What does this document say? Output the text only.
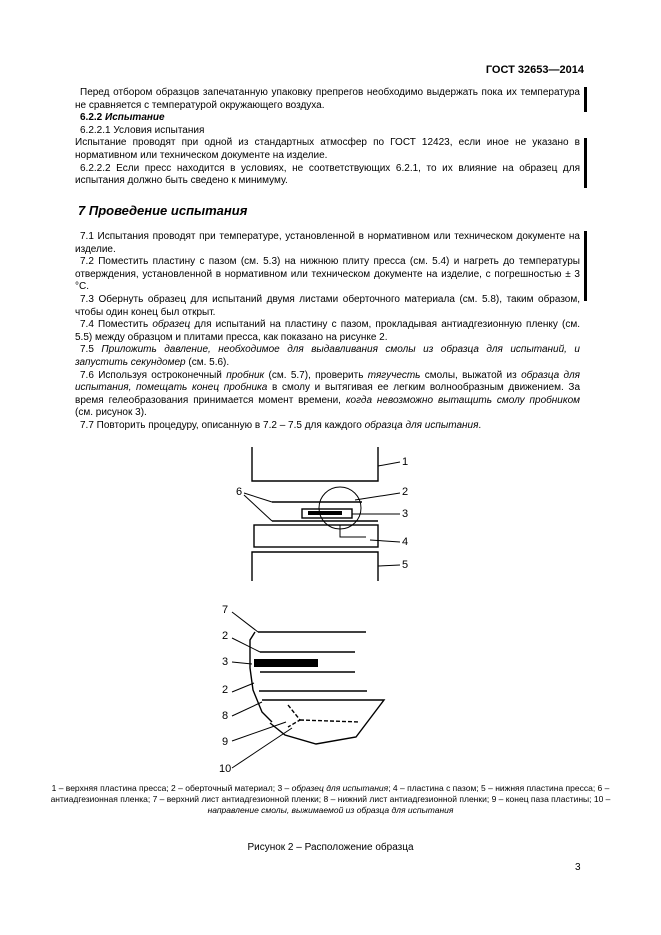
ГОСТ 32653—2014

Перед отбором образцов запечатанную упаковку препрегов необходимо выдержать пока их температура не сравняется с температурой окружающего воздуха.

6.2.2 Испытание

6.2.2.1 Условия испытания

Испытание проводят при одной из стандартных атмосфер по ГОСТ 12423, если иное не указано в нормативном или техническом документе на изделие.

6.2.2.2 Если пресс находится в условиях, не соответствующих 6.2.1, то их влияние на образец для испытания должно быть сведено к минимуму.

7 Проведение испытания

7.1 Испытания проводят при температуре, установленной в нормативном или техническом документе на изделие.

7.2 Поместить пластину с пазом (см. 5.3) на нижнюю плиту пресса (см. 5.4) и нагреть до температуры отверждения, установленной в нормативном или техническом документе на изделие, с погрешностью ± 3 °С.

7.3 Обернуть образец для испытаний двумя листами оберточного материала (см. 5.8), таким образом, чтобы один конец был открыт.

7.4 Поместить образец для испытаний на пластину с пазом, прокладывая антиадгезионную пленку (см. 5.5) между образцом и плитами пресса, как показано на рисунке 2.

7.5 Приложить давление, необходимое для выдавливания смолы из образца для испытаний, и запустить секундомер (см. 5.6).

7.6 Используя остроконечный пробник (см. 5.7), проверить тягучесть смолы, выжатой из образца для испытания, помещать конец пробника в смолу и вытягивая ее легким волнообразным движением. За время гелеобразования принимается момент времени, когда невозможно вытащить смолу пробником (см. рисунок 3).

7.7 Повторить процедуру, описанную в 7.2 – 7.5 для каждого образца для испытания.

1
2
3
4
5
6
7
2
3
2
8
9
10
1 – верхняя пластина пресса; 2 – оберточный материал; 3 – образец для испытания; 4 – пластина с пазом; 5 – нижняя пластина пресса; 6 – антиадгезионная пленка; 7 – верхний лист антиадгезионной пленки; 8 – нижний лист антиадгезионной пленки; 9 – конец паза пластины; 10 – направление смолы, выжимаемой из образца для испытания
Рисунок 2 – Расположение образца
3
